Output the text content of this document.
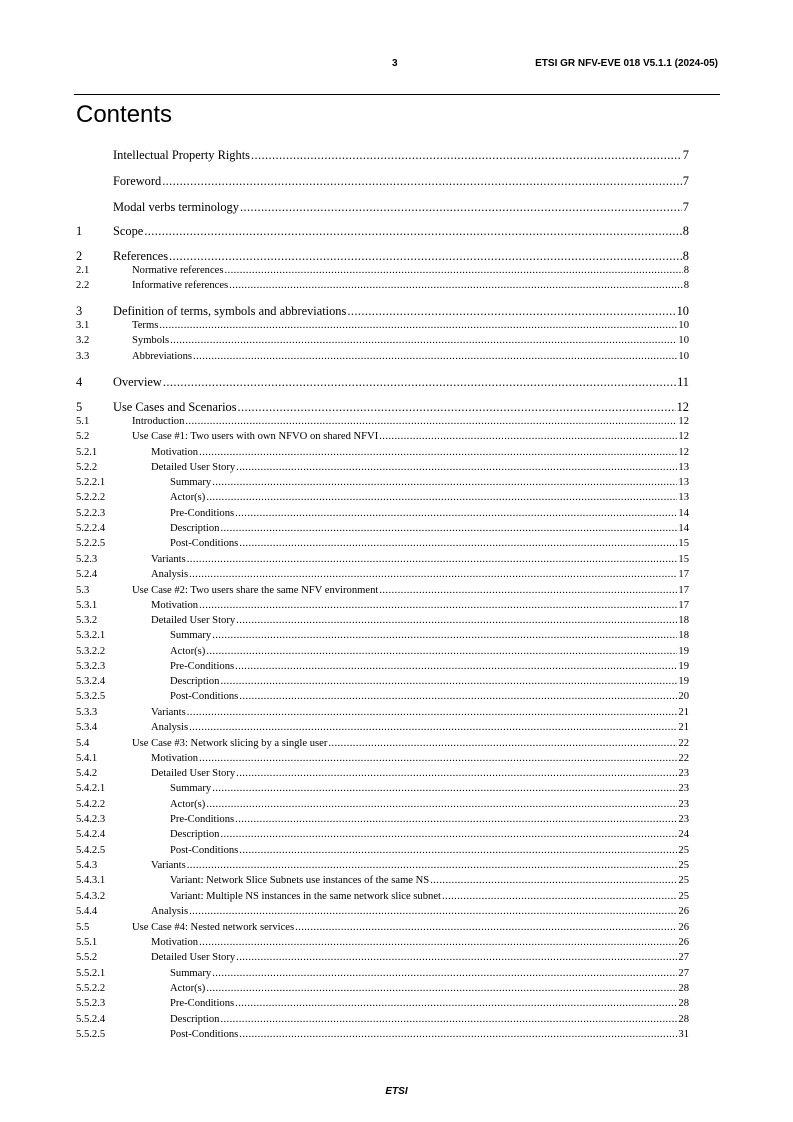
3	ETSI GR NFV-EVE 018 V5.1.1 (2024-05)
Contents
Intellectual Property Rights .....	7
Foreword .....	7
Modal verbs terminology .....	7
1	Scope .....	8
2	References .....	8
2.1	Normative references .....	8
2.2	Informative references .....	8
3	Definition of terms, symbols and abbreviations .....	10
3.1	Terms .....	10
3.2	Symbols .....	10
3.3	Abbreviations .....	10
4	Overview .....	11
5	Use Cases and Scenarios .....	12
5.1	Introduction .....	12
5.2	Use Case #1: Two users with own NFVO on shared NFVI .....	12
5.2.1	Motivation .....	12
5.2.2	Detailed User Story .....	13
5.2.2.1	Summary .....	13
5.2.2.2	Actor(s) .....	13
5.2.2.3	Pre-Conditions .....	14
5.2.2.4	Description .....	14
5.2.2.5	Post-Conditions .....	15
5.2.3	Variants .....	15
5.2.4	Analysis .....	17
5.3	Use Case #2: Two users share the same NFV environment .....	17
5.3.1	Motivation .....	17
5.3.2	Detailed User Story .....	18
5.3.2.1	Summary .....	18
5.3.2.2	Actor(s) .....	19
5.3.2.3	Pre-Conditions .....	19
5.3.2.4	Description .....	19
5.3.2.5	Post-Conditions .....	20
5.3.3	Variants .....	21
5.3.4	Analysis .....	21
5.4	Use Case #3: Network slicing by a single user .....	22
5.4.1	Motivation .....	22
5.4.2	Detailed User Story .....	23
5.4.2.1	Summary .....	23
5.4.2.2	Actor(s) .....	23
5.4.2.3	Pre-Conditions .....	23
5.4.2.4	Description .....	24
5.4.2.5	Post-Conditions .....	25
5.4.3	Variants .....	25
5.4.3.1	Variant: Network Slice Subnets use instances of the same NS .....	25
5.4.3.2	Variant: Multiple NS instances in the same network slice subnet .....	25
5.4.4	Analysis .....	26
5.5	Use Case #4: Nested network services .....	26
5.5.1	Motivation .....	26
5.5.2	Detailed User Story .....	27
5.5.2.1	Summary .....	27
5.5.2.2	Actor(s) .....	28
5.5.2.3	Pre-Conditions .....	28
5.5.2.4	Description .....	28
5.5.2.5	Post-Conditions .....	31
ETSI
